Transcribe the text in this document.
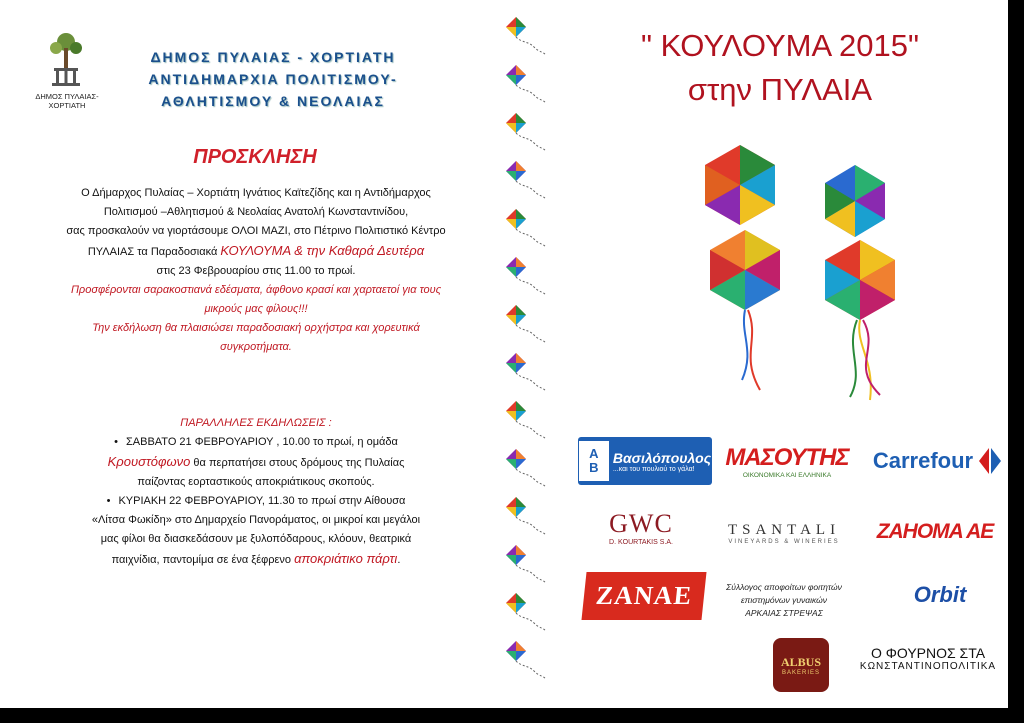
ΔΗΜΟΣ ΠΥΛΑΙΑΣ-ΧΟΡΤΙΑΤΗ
ΔΗΜΟΣ ΠΥΛΑΙΑΣ - ΧΟΡΤΙΑΤΗ
ΑΝΤΙΔΗΜΑΡΧΙΑ ΠΟΛΙΤΙΣΜΟΥ-
ΑΘΛΗΤΙΣΜΟΥ & ΝΕΟΛΑΙΑΣ
ΠΡΟΣΚΛΗΣΗ
Ο Δήμαρχος Πυλαίας – Χορτιάτη Ιγνάτιος Καϊτεζίδης και η Αντιδήμαρχος
Πολιτισμού –Αθλητισμού & Νεολαίας Ανατολή Κωνσταντινίδου,
σας προσκαλούν να γιορτάσουμε ΟΛΟΙ ΜΑΖΙ, στο Πέτρινο Πολιτιστικό Κέντρο
ΠΥΛΑΙΑΣ τα Παραδοσιακά ΚΟΥΛΟΥΜΑ & την Καθαρά Δευτέρα
στις 23 Φεβρουαρίου στις 11.00 το πρωί.
Προσφέρονται σαρακοστιανά εδέσματα, άφθονο κρασί και χαρταετοί για τους
μικρούς μας φίλους!!!
Την εκδήλωση θα πλαισιώσει παραδοσιακή ορχήστρα και χορευτικά
συγκροτήματα.
ΠΑΡΑΛΛΗΛΕΣ ΕΚΔΗΛΩΣΕΙΣ :
• ΣΑΒΒΑΤΟ 21 ΦΕΒΡΟΥΑΡΙΟΥ , 10.00 το πρωί, η ομάδα
Κρουστόφωνο θα περπατήσει στους δρόμους της Πυλαίας
παίζοντας εορταστικούς αποκριάτικους σκοπούς.
• ΚΥΡΙΑΚΗ 22 ΦΕΒΡΟΥΑΡΙΟΥ, 11.30 το πρωί στην Αίθουσα
«Λίτσα Φωκίδη» στο Δημαρχείο Πανοράματος, οι μικροί και μεγάλοι
μας φίλοι θα διασκεδάσουν με ξυλοπόδαρους, κλόουν, θεατρικά
παιχνίδια, παντομίμα σε ένα ξέφρενο αποκριάτικο πάρτι.
" ΚΟΥΛΟΥΜΑ 2015"
στην ΠΥΛΑΙΑ
A
B
Βασιλόπουλος
...και του πουλιού το γάλα!	ΜΑΣΟΥΤΗΣ
ΟΙΚΟΝΟΜΙΚΑ ΚΑΙ ΕΛΛΗΝΙΚΑ
Carrefour
GWC
D. KOURTAKIS S.A.
TSANTALI
VINEYARDS & WINERIES ZAHOMA AE
ZANAE	Σύλλογος αποφοίτων φοιτητών
επιστημόνων γυναικών
ΑΡΚΑΙΑΣ ΣΤΡΕΨΑΣ
Orbit
ALBUS
BAKERIES
Ο ΦΟΥΡΝΟΣ ΣΤΑ
ΚΩΝΣΤΑΝΤΙΝΟΠΟΛΙΤΙΚΑ
